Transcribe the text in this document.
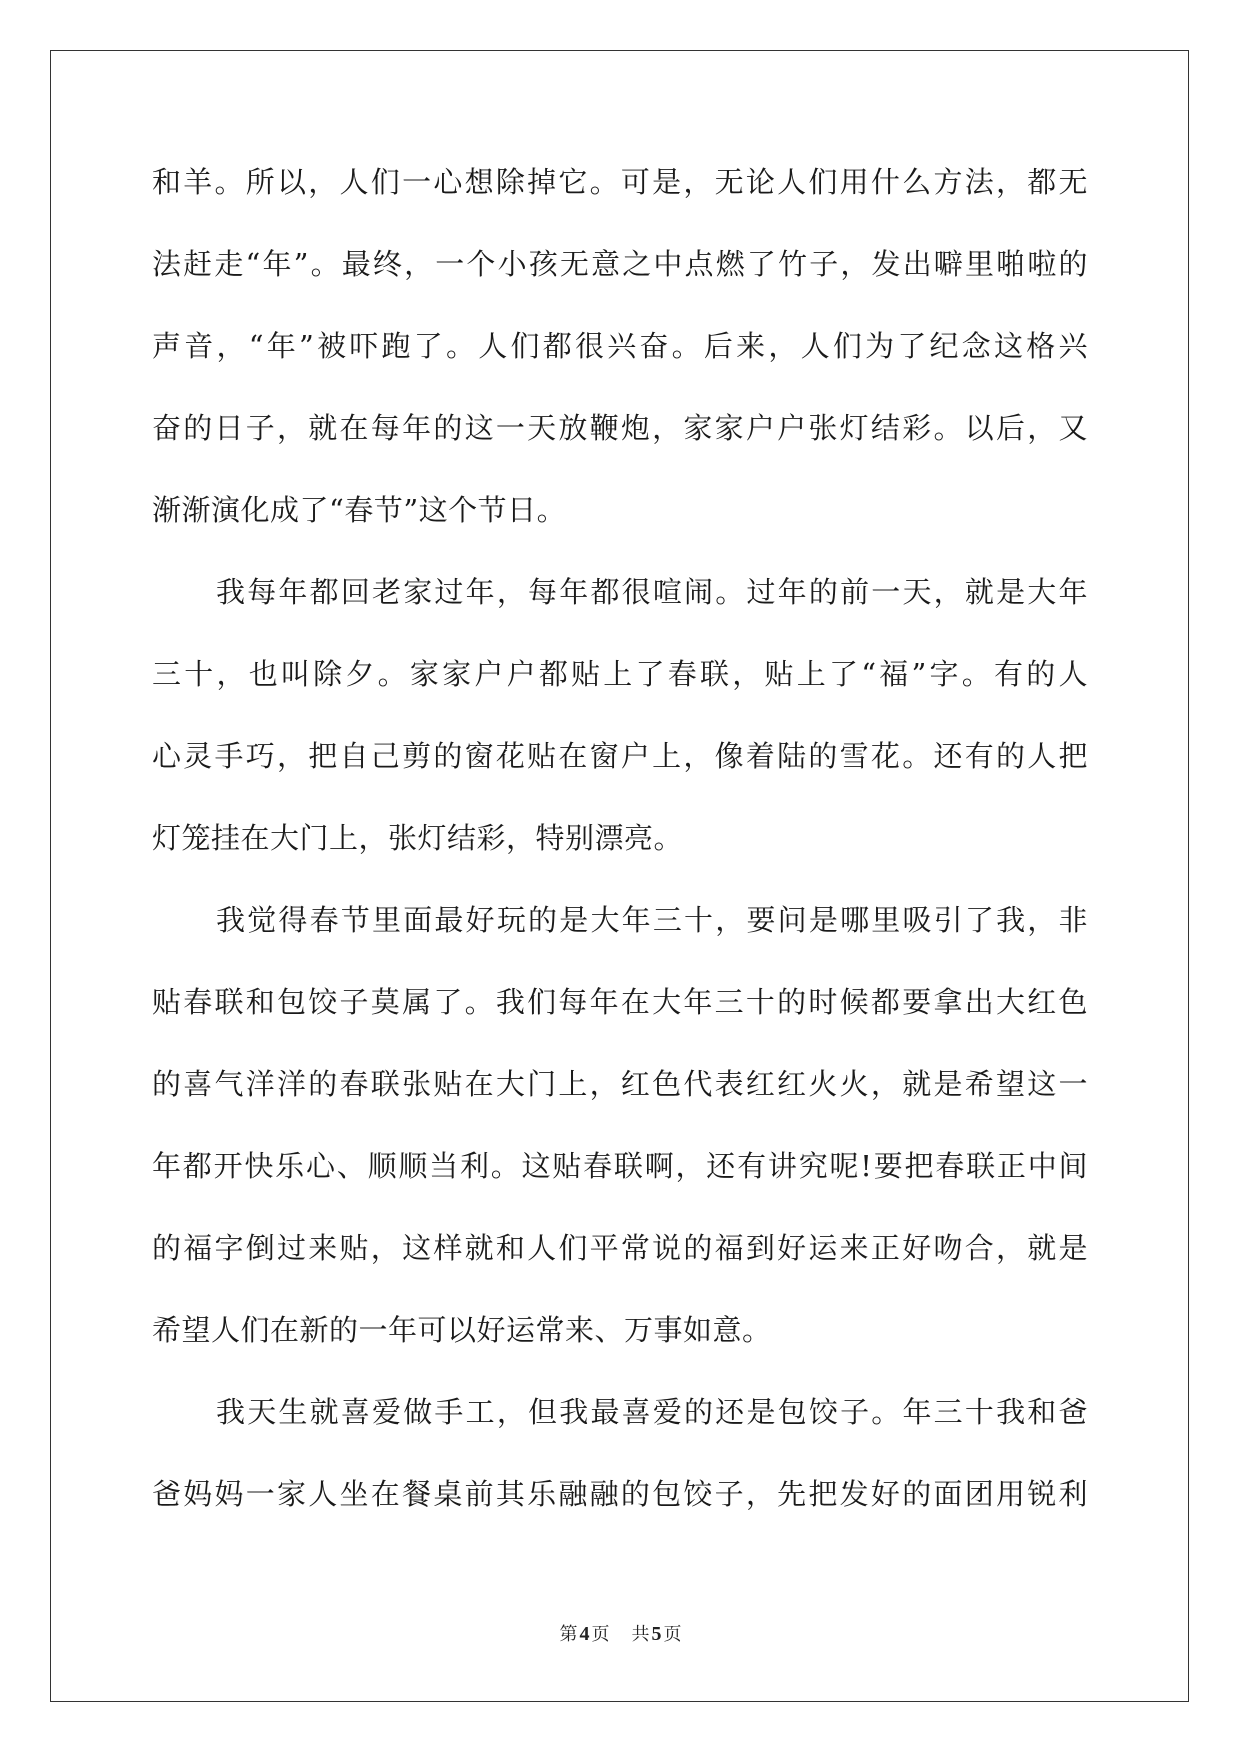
和羊。所以，人们一心想除掉它。可是，无论人们用什么方法，都无
法赶走“年”。最终，一个小孩无意之中点燃了竹子，发出噼里啪啦的
声音，“年”被吓跑了。人们都很兴奋。后来，人们为了纪念这格兴
奋的日子，就在每年的这一天放鞭炮，家家户户张灯结彩。以后，又
渐渐演化成了“春节”这个节日。
我每年都回老家过年，每年都很喧闹。过年的前一天，就是大年
三十，也叫除夕。家家户户都贴上了春联，贴上了“福”字。有的人
心灵手巧，把自己剪的窗花贴在窗户上，像着陆的雪花。还有的人把
灯笼挂在大门上，张灯结彩，特别漂亮。
我觉得春节里面最好玩的是大年三十，要问是哪里吸引了我，非
贴春联和包饺子莫属了。我们每年在大年三十的时候都要拿出大红色
的喜气洋洋的春联张贴在大门上，红色代表红红火火，就是希望这一
年都开快乐心、顺顺当利。这贴春联啊，还有讲究呢!要把春联正中间
的福字倒过来贴，这样就和人们平常说的福到好运来正好吻合，就是
希望人们在新的一年可以好运常来、万事如意。
我天生就喜爱做手工，但我最喜爱的还是包饺子。年三十我和爸
爸妈妈一家人坐在餐桌前其乐融融的包饺子，先把发好的面团用锐利
第 4 页 共 5 页
